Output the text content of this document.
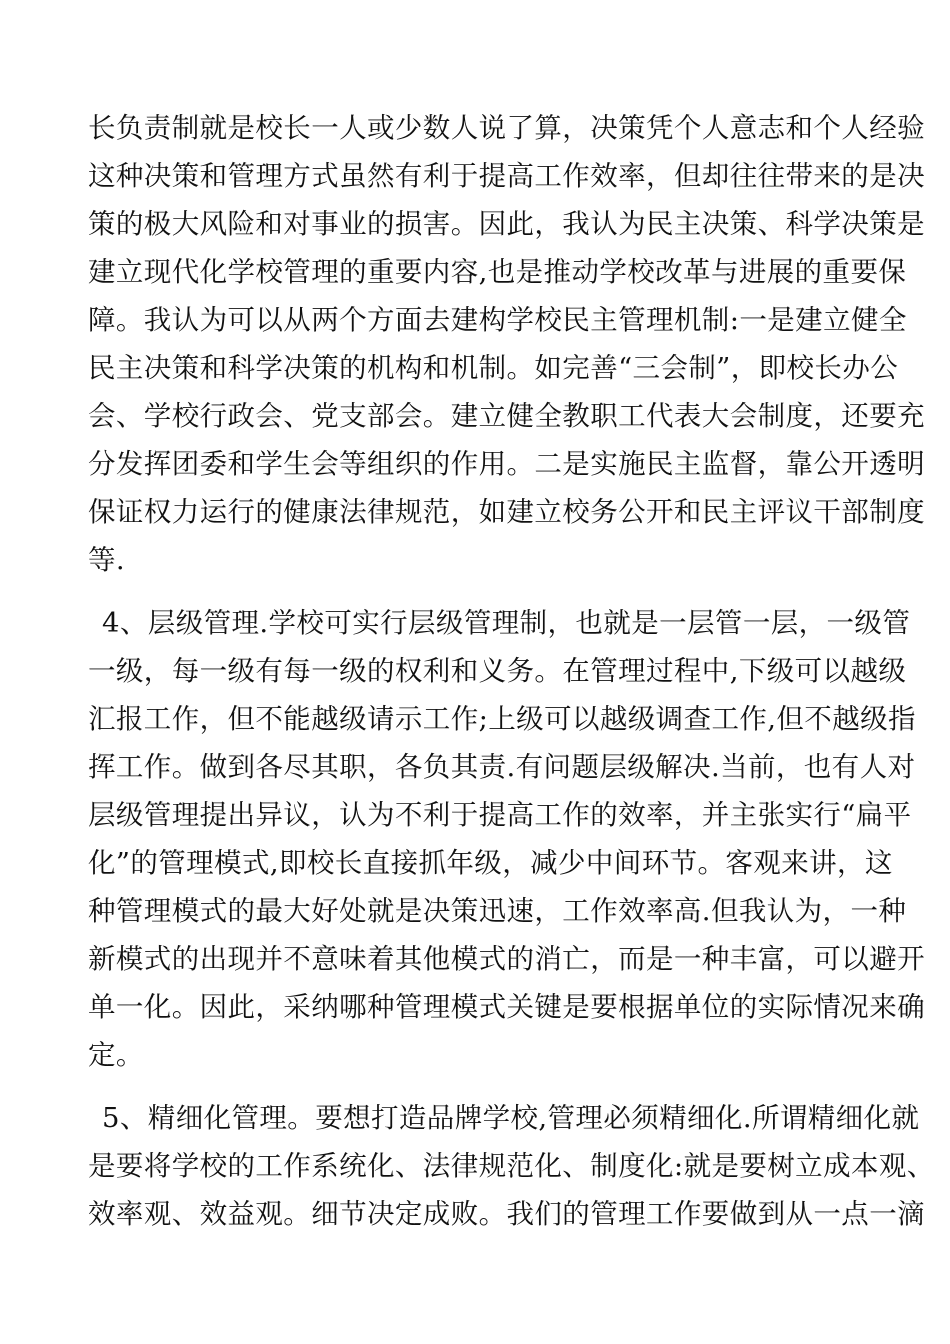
长负责制就是校长一人或少数人说了算，决策凭个人意志和个人经验
这种决策和管理方式虽然有利于提高工作效率，但却往往带来的是决
策的极大风险和对事业的损害。因此，我认为民主决策、科学决策是
建立现代化学校管理的重要内容,也是推动学校改革与进展的重要保
障。我认为可以从两个方面去建构学校民主管理机制:一是建立健全
民主决策和科学决策的机构和机制。如完善“三会制”，即校长办公
会、学校行政会、党支部会。建立健全教职工代表大会制度，还要充
分发挥团委和学生会等组织的作用。二是实施民主监督，靠公开透明
保证权力运行的健康法律规范，如建立校务公开和民主评议干部制度
等.
4、层级管理.学校可实行层级管理制，也就是一层管一层，一级管
一级，每一级有每一级的权利和义务。在管理过程中,下级可以越级
汇报工作，但不能越级请示工作;上级可以越级调查工作,但不越级指
挥工作。做到各尽其职，各负其责.有问题层级解决.当前，也有人对
层级管理提出异议，认为不利于提高工作的效率，并主张实行“扁平
化”的管理模式,即校长直接抓年级，减少中间环节。客观来讲，这
种管理模式的最大好处就是决策迅速，工作效率高.但我认为，一种
新模式的出现并不意味着其他模式的消亡，而是一种丰富，可以避开
单一化。因此，采纳哪种管理模式关键是要根据单位的实际情况来确
定。
5、精细化管理。要想打造品牌学校,管理必须精细化.所谓精细化就
是要将学校的工作系统化、法律规范化、制度化:就是要树立成本观、
效率观、效益观。细节决定成败。我们的管理工作要做到从一点一滴
